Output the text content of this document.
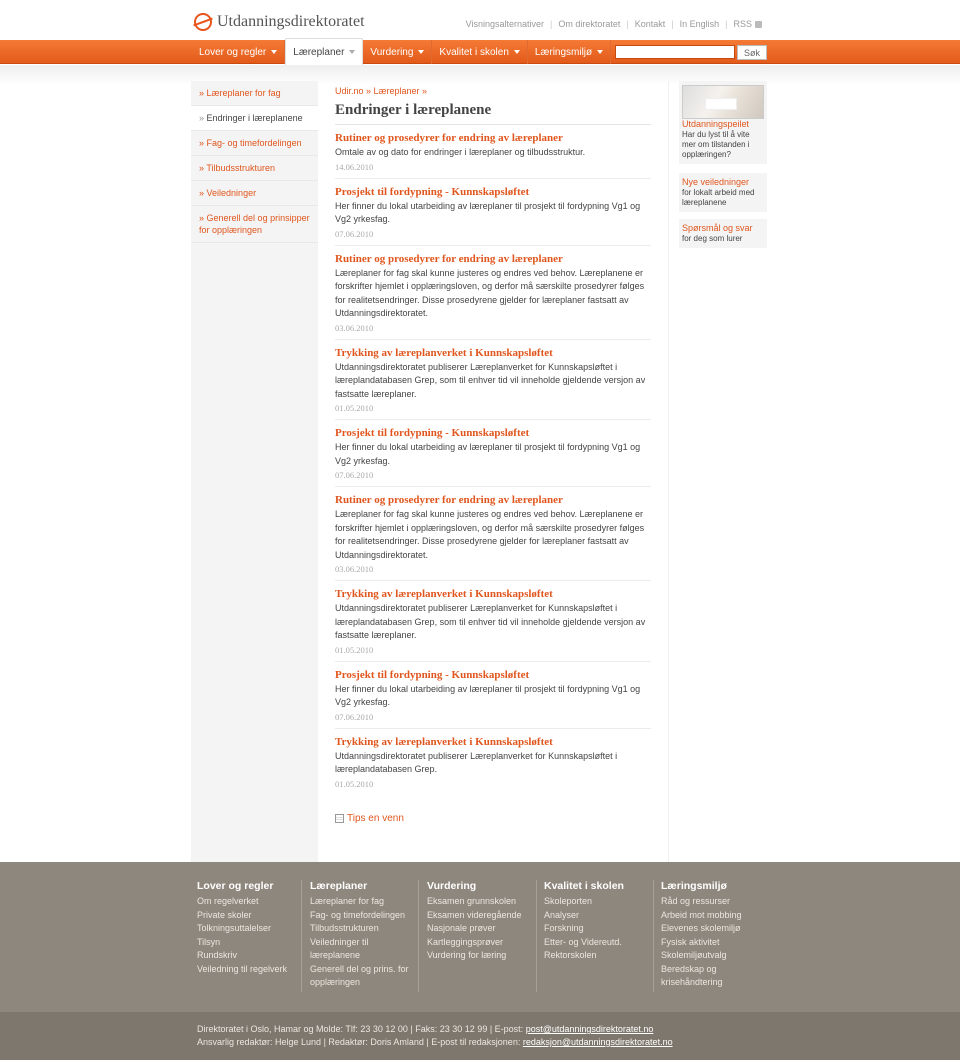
Utdanningsdirektoratet	Visningsalternativer | Om direktoratet | Kontakt | In English | RSS
Lover og regler	Læreplaner	Vurdering	Kvalitet i skolen	Læringsmiljø	Søk
» Læreplaner for fag
» Endringer i læreplanene
» Fag- og timefordelingen
» Tilbudsstrukturen
» Veiledninger
» Generell del og prinsipper for opplæringen
Udir.no » Læreplaner »
Endringer i læreplanene
Rutiner og prosedyrer for endring av læreplaner
Omtale av og dato for endringer i læreplaner og tilbudsstruktur.
14.06.2010
Prosjekt til fordypning - Kunnskapsløftet
Her finner du lokal utarbeiding av læreplaner til prosjekt til fordypning Vg1 og Vg2 yrkesfag.
07.06.2010
Rutiner og prosedyrer for endring av læreplaner
Læreplaner for fag skal kunne justeres og endres ved behov. Læreplanene er forskrifter hjemlet i opplæringsloven, og derfor må særskilte prosedyrer følges for realitetsendringer. Disse prosedyrene gjelder for læreplaner fastsatt av Utdanningsdirektoratet.
03.06.2010
Trykking av læreplanverket i Kunnskapsløftet
Utdanningsdirektoratet publiserer Læreplanverket for Kunnskapsløftet i læreplandatabasen Grep, som til enhver tid vil inneholde gjeldende versjon av fastsatte læreplaner.
01.05.2010
Prosjekt til fordypning - Kunnskapsløftet
Her finner du lokal utarbeiding av læreplaner til prosjekt til fordypning Vg1 og Vg2 yrkesfag.
07.06.2010
Rutiner og prosedyrer for endring av læreplaner
Læreplaner for fag skal kunne justeres og endres ved behov. Læreplanene er forskrifter hjemlet i opplæringsloven, og derfor må særskilte prosedyrer følges for realitetsendringer. Disse prosedyrene gjelder for læreplaner fastsatt av Utdanningsdirektoratet.
03.06.2010
Trykking av læreplanverket i Kunnskapsløftet
Utdanningsdirektoratet publiserer Læreplanverket for Kunnskapsløftet i læreplandatabasen Grep, som til enhver tid vil inneholde gjeldende versjon av fastsatte læreplaner.
01.05.2010
Prosjekt til fordypning - Kunnskapsløftet
Her finner du lokal utarbeiding av læreplaner til prosjekt til fordypning Vg1 og Vg2 yrkesfag.
07.06.2010
Trykking av læreplanverket i Kunnskapsløftet
Utdanningsdirektoratet publiserer Læreplanverket for Kunnskapsløftet i læreplandatabasen Grep.
01.05.2010
Tips en venn
Utdanningspeilet
Har du lyst til å vite mer om tilstanden i opplæringen?
Nye veiledninger
for lokalt arbeid med læreplanene
Spørsmål og svar
for deg som lurer
Lover og regler
Om regelverket
Private skoler
Tolkningsuttalelser
Tilsyn
Rundskriv
Veiledning til regelverk
Læreplaner
Læreplaner for fag
Fag- og timefordelingen
Tilbudsstrukturen
Veiledninger til læreplanene
Generell del og prins. for opplæringen
Vurdering
Eksamen grunnskolen
Eksamen videregående
Nasjonale prøver
Kartleggingsprøver
Vurdering for læring
Kvalitet i skolen
Skoleporten
Analyser
Forskning
Etter- og Videreutd.
Rektorskolen
Læringsmiljø
Råd og ressurser
Arbeid mot mobbing
Elevenes skolemiljø
Fysisk aktivitet
Skolemiljøutvalg
Beredskap og krisehåndtering
Direktoratet i Oslo, Hamar og Molde: Tlf: 23 30 12 00 | Faks: 23 30 12 99 | E-post: post@utdanningsdirektoratet.no
Ansvarlig redaktør: Helge Lund | Redaktør: Doris Amland | E-post til redaksjonen: redaksjon@utdanningsdirektoratet.no
